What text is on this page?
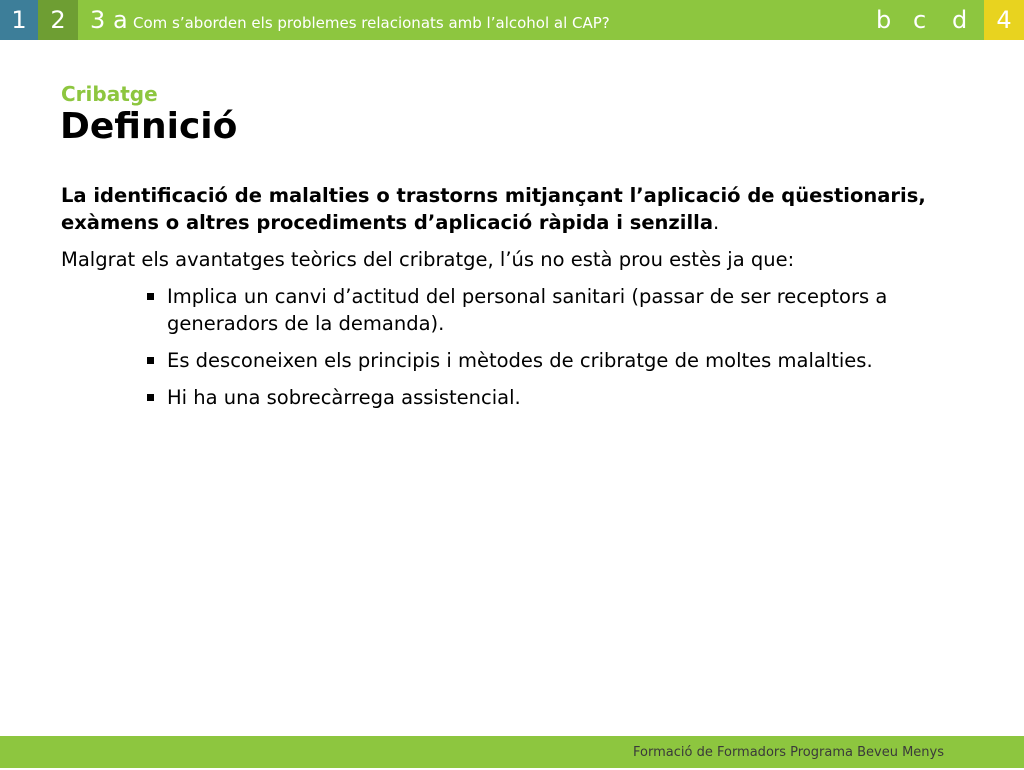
1 2	3 a Com s’aborden els problemes relacionats amb l’alcohol al CAP?	b c d	4
Cribatge
Definició

La identificació de malalties o trastorns mitjançant l’aplicació de qüestionaris, exàmens o altres procediments d’aplicació ràpida i senzilla.

Malgrat els avantatges teòrics del cribratge, l’ús no està prou estès ja que:

Implica un canvi d’actitud del personal sanitari (passar de ser receptors a generadors de la demanda).
Es desconeixen els principis i mètodes de cribratge de moltes malalties.
Hi ha una sobrecàrrega assistencial.
Formació de Formadors Programa Beveu Menys
